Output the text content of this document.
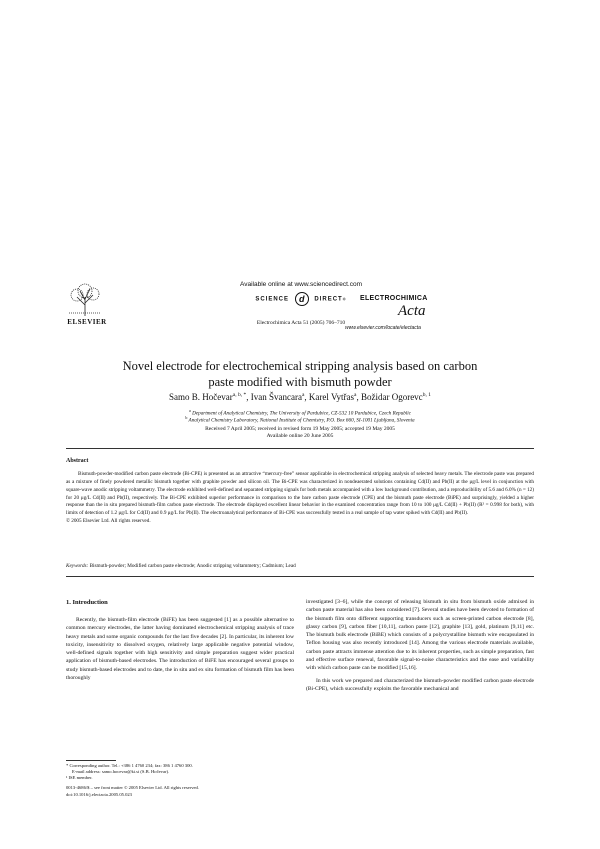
Available online at www.sciencedirect.com
SCIENCE d DIRECT®
Electrochimica Acta 51 (2005) 706–710
ELSEVIER
ELECTROCHIMICA
Acta
www.elsevier.com/locate/electacta
Novel electrode for electrochemical stripping analysis based on carbon
paste modified with bismuth powder
Samo B. Hočevar$^{a, b, *}$, Ivan Švancara$^a$, Karel Vytřas$^a$, Božidar Ogorevc$^{b, 1}$
$^a$ Department of Analytical Chemistry, The University of Pardubice, CZ-532 10 Pardubice, Czech Republic
$^b$ Analytical Chemistry Laboratory, National Institute of Chemistry, P.O. Box 660, SI-1001 Ljubljana, Slovenia
Received 7 April 2005; received in revised form 19 May 2005; accepted 19 May 2005
Available online 20 June 2005
Abstract
Bismuth-powder-modified carbon paste electrode (Bi-CPE) is presented as an attractive “mercury-free” sensor applicable in electrochemical stripping analysis of selected heavy metals. The electrode paste was prepared as a mixture of finely powdered metallic bismuth together with graphite powder and silicon oil. The Bi-CPE was characterized in nondeaerated solutions containing Cd(II) and Pb(II) at the μg/L level in conjunction with square-wave anodic stripping voltammetry. The electrode exhibited well-defined and separated stripping signals for both metals accompanied with a low background contribution, and a reproducibility of 5.6 and 6.0% (n = 12) for 20 μg/L Cd(II) and Pb(II), respectively. The Bi-CPE exhibited superior performance in comparison to the bare carbon paste electrode (CPE) and the bismuth paste electrode (BiPE) and surprisingly, yielded a higher response than the in situ prepared bismuth-film carbon paste electrode. The electrode displayed excellent linear behavior in the examined concentration range from 10 to 100 μg/L Cd(II) + Pb(II) (R² = 0.998 for both), with limits of detection of 1.2 μg/L for Cd(II) and 0.9 μg/L for Pb(II). The electroanalytical performance of Bi-CPE was successfully tested in a real sample of tap water spiked with Cd(II) and Pb(II).

© 2005 Elsevier Ltd. All rights reserved.
Keywords: Bismuth-powder; Modified carbon paste electrode; Anodic stripping voltammetry; Cadmium; Lead
1. Introduction
Recently, the bismuth-film electrode (BiFE) has been suggested [1] as a possible alternative to common mercury electrodes, the latter having dominated electrochemical stripping analysis of trace heavy metals and some organic compounds for the last five decades [2]. In particular, its inherent low toxicity, insensitivity to dissolved oxygen, relatively large applicable negative potential window, well-defined signals together with high sensitivity and simple preparation suggest wider practical application of bismuth-based electrodes. The introduction of BiFE has encouraged several groups to study bismuth-based electrodes and to date, the in situ and ex situ formation of bismuth film has been thoroughly
investigated [3–6], while the concept of releasing bismuth in situ from bismuth oxide admixed in carbon paste material has also been considered [7]. Several studies have been devoted to formation of the bismuth film onto different supporting transducers such as screen-printed carbon electrode [8], glassy carbon [9], carbon fiber [10,11], carbon paste [12], graphite [13], gold, platinum [9,11] etc. The bismuth bulk electrode (BiBE) which consists of a polycrystalline bismuth wire encapsulated in Teflon housing was also recently introduced [14]. Among the various electrode materials available, carbon paste attracts immense attention due to its inherent properties, such as simple preparation, fast and effective surface renewal, favorable signal-to-noise characteristics and the ease and variability with which carbon paste can be modified [15,16].
In this work we prepared and characterized the bismuth-powder modified carbon paste electrode (Bi-CPE), which successfully exploits the favorable mechanical and
* Corresponding author. Tel.: +386 1 4760 234; fax: 386 1 4760 300.
E-mail address: samo.hocevar@ki.si (S.B. Hočevar).
¹ ISE member.
0013-4686/$ – see front matter © 2005 Elsevier Ltd. All rights reserved.
doi:10.1016/j.electacta.2005.05.023
